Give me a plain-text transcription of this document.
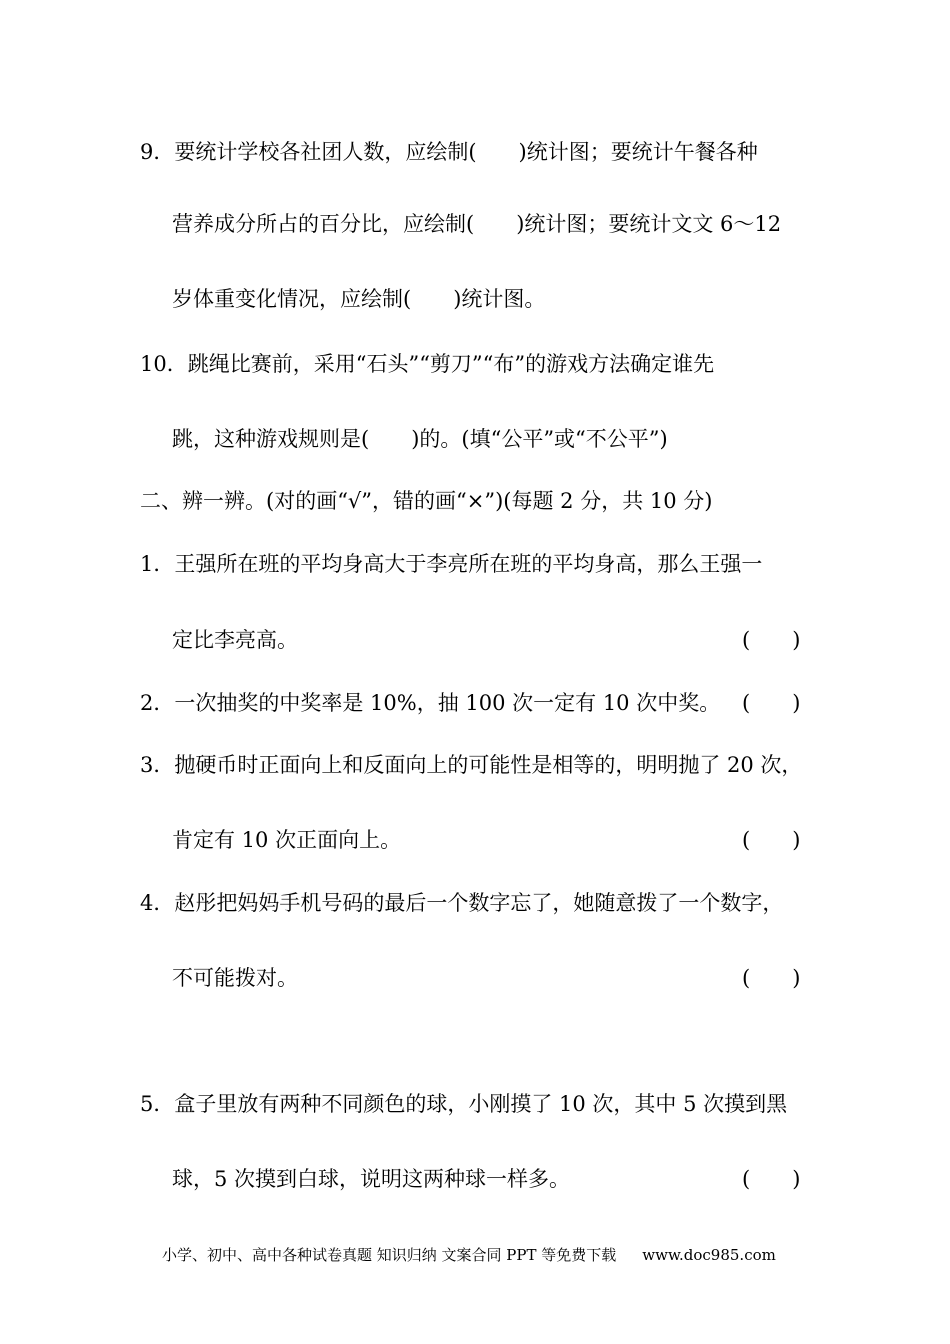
9．要统计学校各社团人数，应绘制(　　)统计图；要统计午餐各种
营养成分所占的百分比，应绘制(　　)统计图；要统计文文 6～12
岁体重变化情况，应绘制(　　)统计图。
10．跳绳比赛前，采用“石头”“剪刀”“布”的游戏方法确定谁先
跳，这种游戏规则是(　　)的。(填“公平”或“不公平”)
二、辨一辨。(对的画“√”，错的画“×”)(每题 2 分，共 10 分)
1．王强所在班的平均身高大于李亮所在班的平均身高，那么王强一
定比李亮高。	(　　)
2．一次抽奖的中奖率是 10%，抽 100 次一定有 10 次中奖。 (　　)
3．抛硬币时正面向上和反面向上的可能性是相等的，明明抛了 20 次，
肯定有 10 次正面向上。	(　　)
4．赵彤把妈妈手机号码的最后一个数字忘了，她随意拨了一个数字，
不可能拨对。	(　　)
5．盒子里放有两种不同颜色的球，小刚摸了 10 次，其中 5 次摸到黑
球，5 次摸到白球，说明这两种球一样多。	(　　)
小学、初中、高中各种试卷真题 知识归纳 文案合同 PPT 等免费下载 www.doc985.com
